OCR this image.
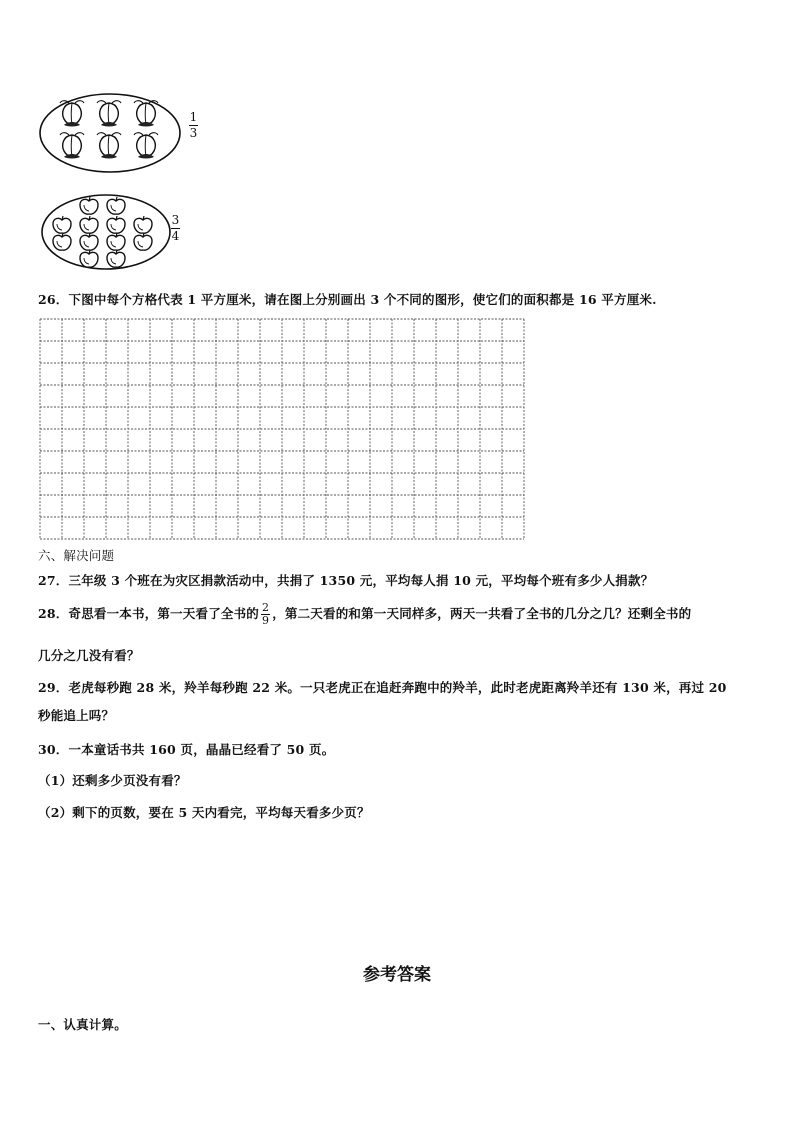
1
3
3
4
26．下图中每个方格代表 1 平方厘米，请在图上分别画出 3 个不同的图形，使它们的面积都是 16 平方厘米.
六、解决问题
27．三年级 3 个班在为灾区捐款活动中，共捐了 1350 元，平均每人捐 10 元，平均每个班有多少人捐款？
28．奇思看一本书，第一天看了全书的 $\frac{2}{9}$ ，第二天看的和第一天同样多，两天一共看了全书的几分之几？还剩全书的
几分之几没有看？
29．老虎每秒跑 28 米，羚羊每秒跑 22 米。一只老虎正在追赶奔跑中的羚羊，此时老虎距离羚羊还有 130 米，再过 20
秒能追上吗？
30．一本童话书共 160 页，晶晶已经看了 50 页。
（1）还剩多少页没有看？
（2）剩下的页数，要在 5 天内看完，平均每天看多少页？
参考答案
一、认真计算。
